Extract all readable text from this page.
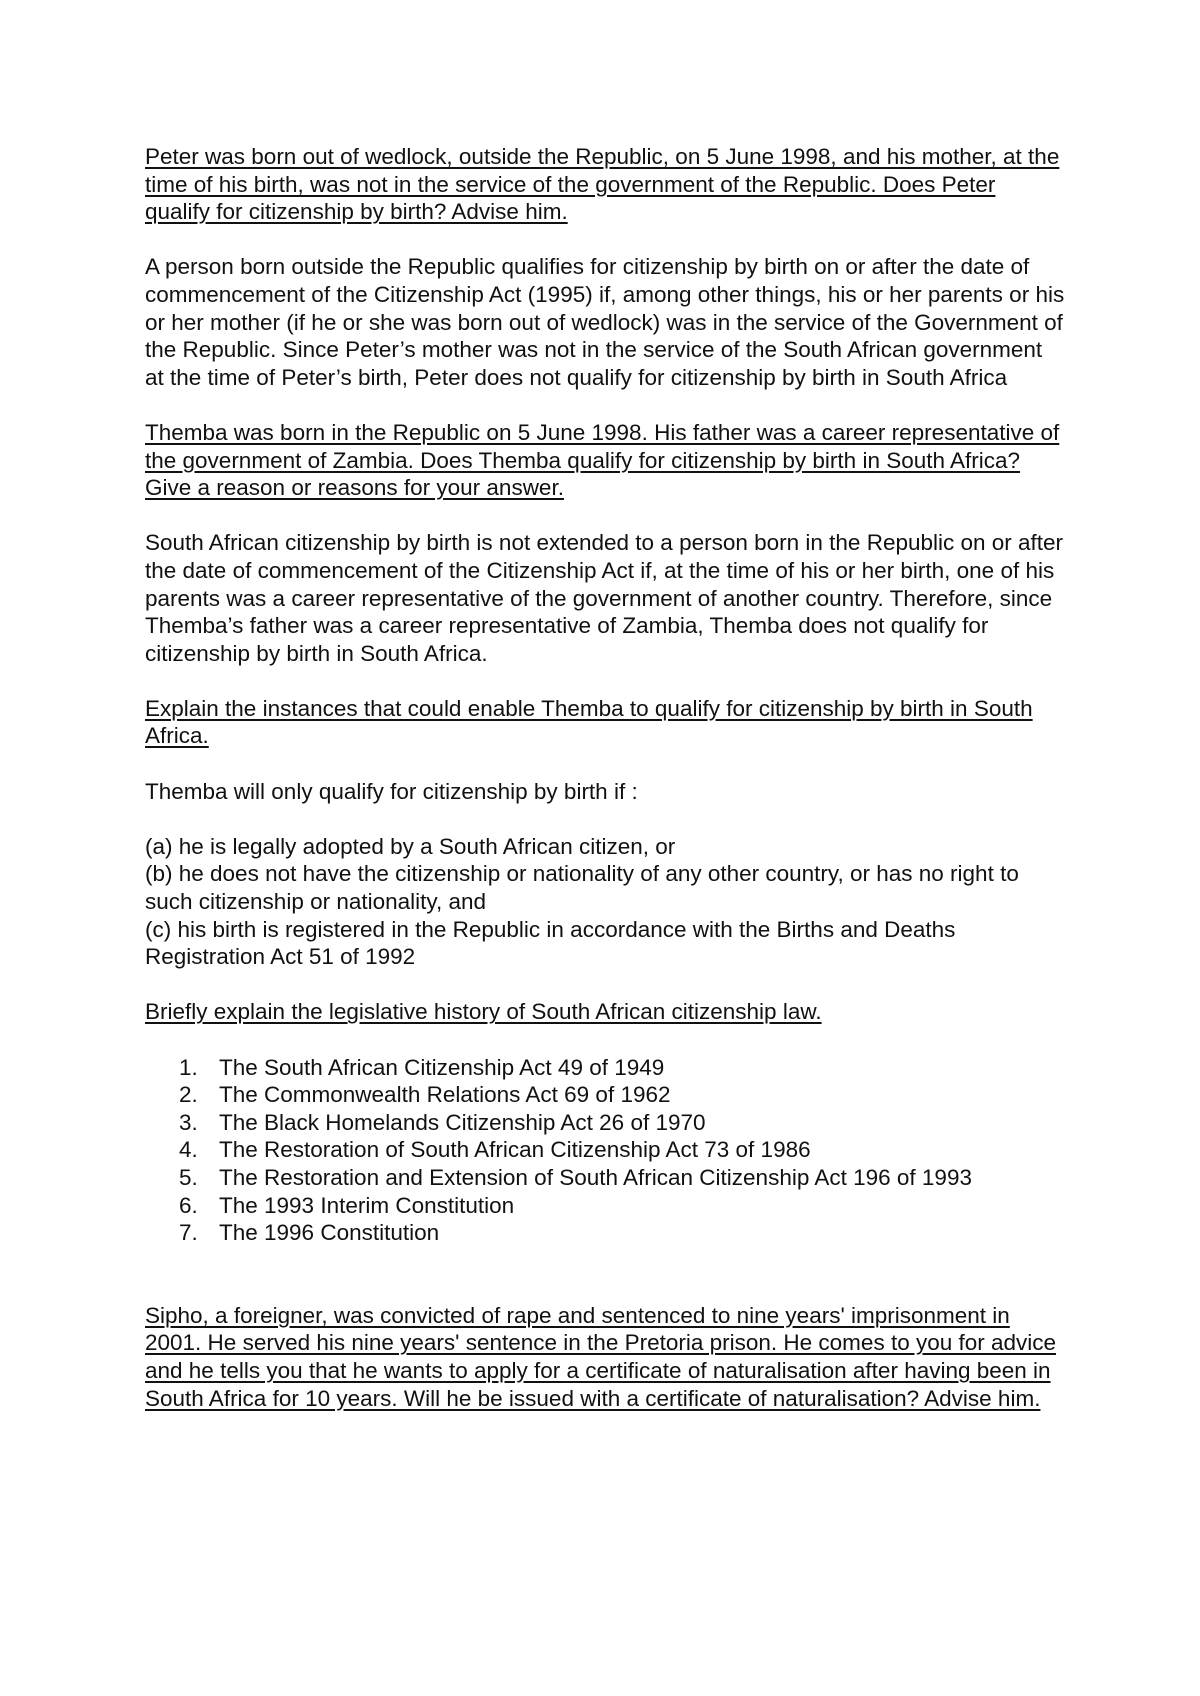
Peter was born out of wedlock, outside the Republic, on 5 June 1998, and his mother, at the time of his birth, was not in the service of the government of the Republic. Does Peter qualify for citizenship by birth? Advise him.

A person born outside the Republic qualifies for citizenship by birth on or after the date of commencement of the Citizenship Act (1995) if, among other things, his or her parents or his or her mother (if he or she was born out of wedlock) was in the service of the Government of the Republic. Since Peter’s mother was not in the service of the South African government at the time of Peter’s birth, Peter does not qualify for citizenship by birth in South Africa

Themba was born in the Republic on 5 June 1998. His father was a career representative of the government of Zambia. Does Themba qualify for citizenship by birth in South Africa? Give a reason or reasons for your answer.

South African citizenship by birth is not extended to a person born in the Republic on or after the date of commencement of the Citizenship Act if, at the time of his or her birth, one of his parents was a career representative of the government of another country. Therefore, since Themba’s father was a career representative of Zambia, Themba does not qualify for citizenship by birth in South Africa.

Explain the instances that could enable Themba to qualify for citizenship by birth in South Africa.

Themba will only qualify for citizenship by birth if :

(a) he is legally adopted by a South African citizen, or

(b) he does not have the citizenship or nationality of any other country, or has no right to such citizenship or nationality, and

(c) his birth is registered in the Republic in accordance with the Births and Deaths Registration Act 51 of 1992

Briefly explain the legislative history of South African citizenship law.

1. The South African Citizenship Act 49 of 1949
2. The Commonwealth Relations Act 69 of 1962
3. The Black Homelands Citizenship Act 26 of 1970
4. The Restoration of South African Citizenship Act 73 of 1986
5. The Restoration and Extension of South African Citizenship Act 196 of 1993
6. The 1993 Interim Constitution
7. The 1996 Constitution

Sipho, a foreigner, was convicted of rape and sentenced to nine years' imprisonment in 2001. He served his nine years' sentence in the Pretoria prison. He comes to you for advice and he tells you that he wants to apply for a certificate of naturalisation after having been in South Africa for 10 years. Will he be issued with a certificate of naturalisation? Advise him.
